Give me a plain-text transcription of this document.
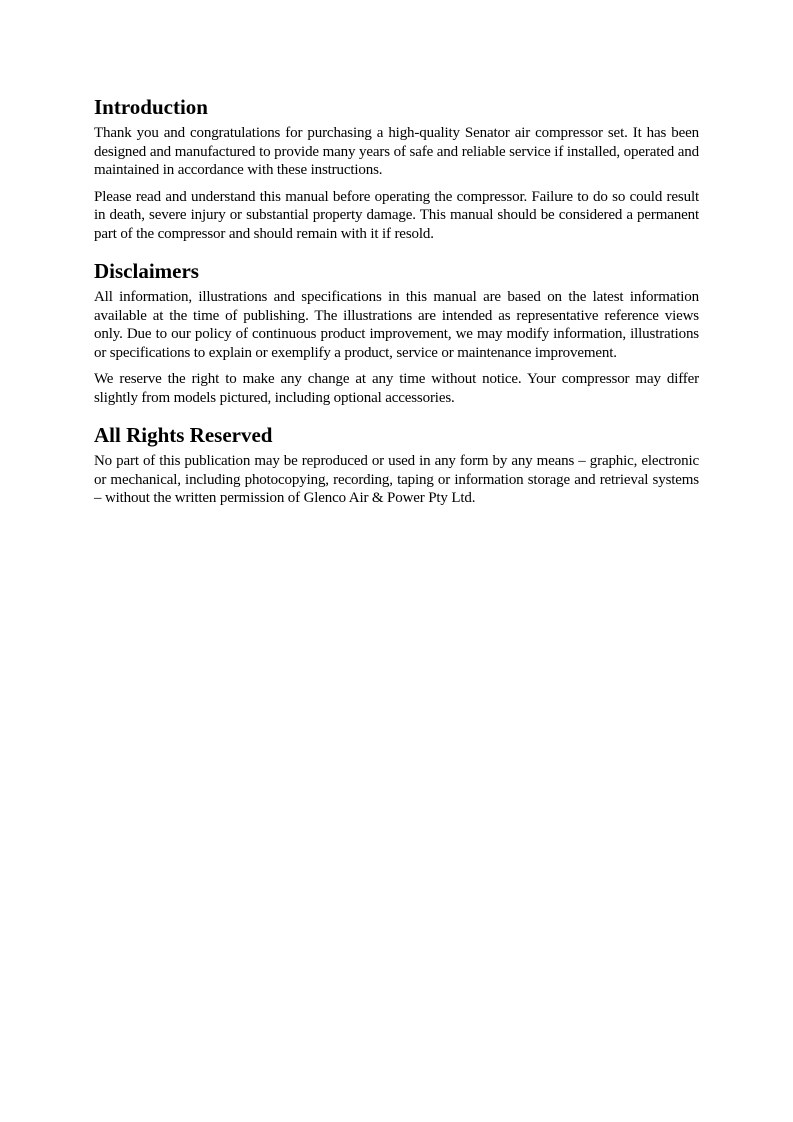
Introduction

Thank you and congratulations for purchasing a high-quality Senator air compressor set. It has been designed and manufactured to provide many years of safe and reliable service if installed, operated and maintained in accordance with these instructions.

Please read and understand this manual before operating the compressor. Failure to do so could result in death, severe injury or substantial property damage. This manual should be considered a permanent part of the compressor and should remain with it if resold.

Disclaimers

All information, illustrations and specifications in this manual are based on the latest information available at the time of publishing. The illustrations are intended as representative reference views only. Due to our policy of continuous product improvement, we may modify information, illustrations or specifications to explain or exemplify a product, service or maintenance improvement.

We reserve the right to make any change at any time without notice. Your compressor may differ slightly from models pictured, including optional accessories.

All Rights Reserved

No part of this publication may be reproduced or used in any form by any means – graphic, electronic or mechanical, including photocopying, recording, taping or information storage and retrieval systems – without the written permission of Glenco Air & Power Pty Ltd.
